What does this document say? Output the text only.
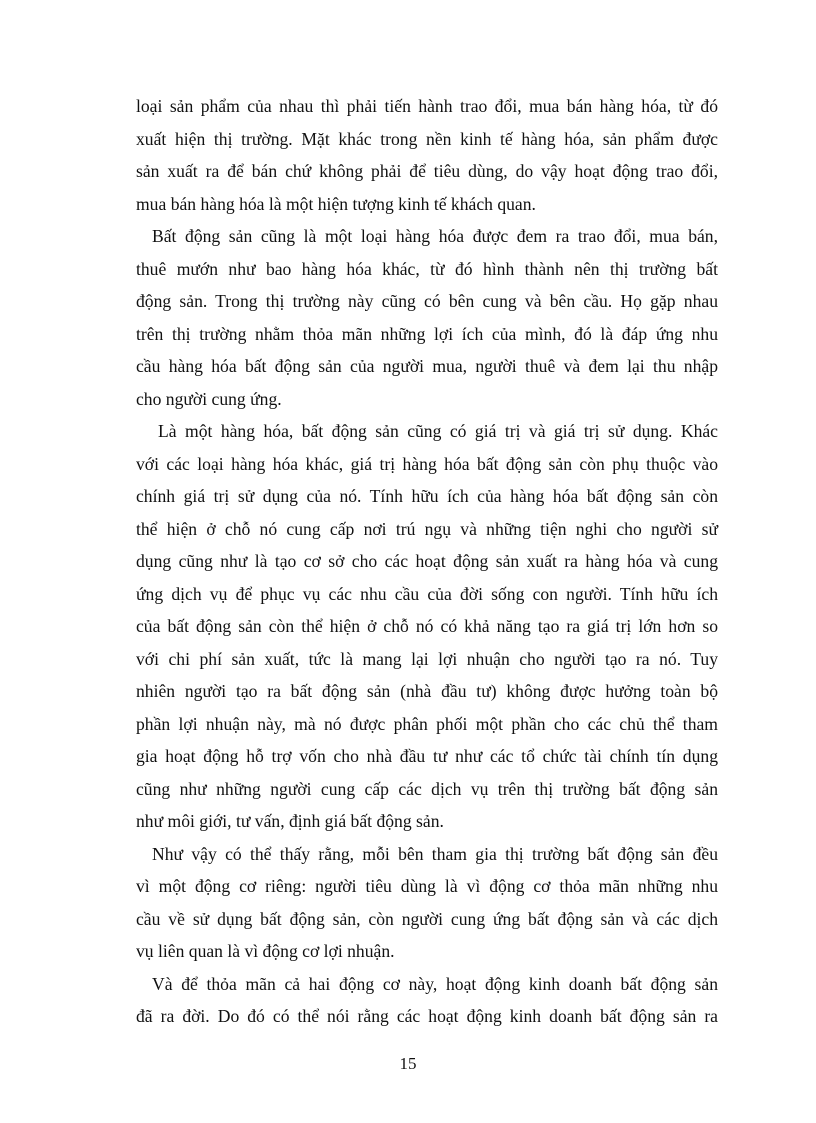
loại sản phẩm của nhau thì phải tiến hành trao đổi, mua bán hàng hóa, từ đó
xuất hiện thị trường. Mặt khác trong nền kinh tế hàng hóa, sản phẩm được
sản xuất ra để bán chứ không phải để tiêu dùng, do vậy hoạt động trao đổi,
mua bán hàng hóa là một hiện tượng kinh tế khách quan.
Bất động sản cũng là một loại hàng hóa được đem ra trao đổi, mua bán,
thuê mướn như bao hàng hóa khác, từ đó hình thành nên thị trường bất
động sản. Trong thị trường này cũng có bên cung và bên cầu. Họ gặp nhau
trên thị trường nhằm thỏa mãn những lợi ích của mình, đó là đáp ứng nhu
cầu hàng hóa bất động sản của người mua, người thuê và đem lại thu nhập
cho người cung ứng.
Là một hàng hóa, bất động sản cũng có giá trị và giá trị sử dụng. Khác
với các loại hàng hóa khác, giá trị hàng hóa bất động sản còn phụ thuộc vào
chính giá trị sử dụng của nó. Tính hữu ích của hàng hóa bất động sản còn
thể hiện ở chỗ nó cung cấp nơi trú ngụ và những tiện nghi cho người sử
dụng cũng như là tạo cơ sở cho các hoạt động sản xuất ra hàng hóa và cung
ứng dịch vụ để phục vụ các nhu cầu của đời sống con người. Tính hữu ích
của bất động sản còn thể hiện ở chỗ nó có khả năng tạo ra giá trị lớn hơn so
với chi phí sản xuất, tức là mang lại lợi nhuận cho người tạo ra nó. Tuy
nhiên người tạo ra bất động sản (nhà đầu tư) không được hưởng toàn bộ
phần lợi nhuận này, mà nó được phân phối một phần cho các chủ thể tham
gia hoạt động hỗ trợ vốn cho nhà đầu tư như các tổ chức tài chính tín dụng
cũng như những người cung cấp các dịch vụ trên thị trường bất động sản
như môi giới, tư vấn, định giá bất động sản.
Như vậy có thể thấy rằng, mỗi bên tham gia thị trường bất động sản đều
vì một động cơ riêng: người tiêu dùng là vì động cơ thỏa mãn những nhu
cầu về sử dụng bất động sản, còn người cung ứng bất động sản và các dịch
vụ liên quan là vì động cơ lợi nhuận.
Và để thỏa mãn cả hai động cơ này, hoạt động kinh doanh bất động sản
đã ra đời. Do đó có thể nói rằng các hoạt động kinh doanh bất động sản ra
15
